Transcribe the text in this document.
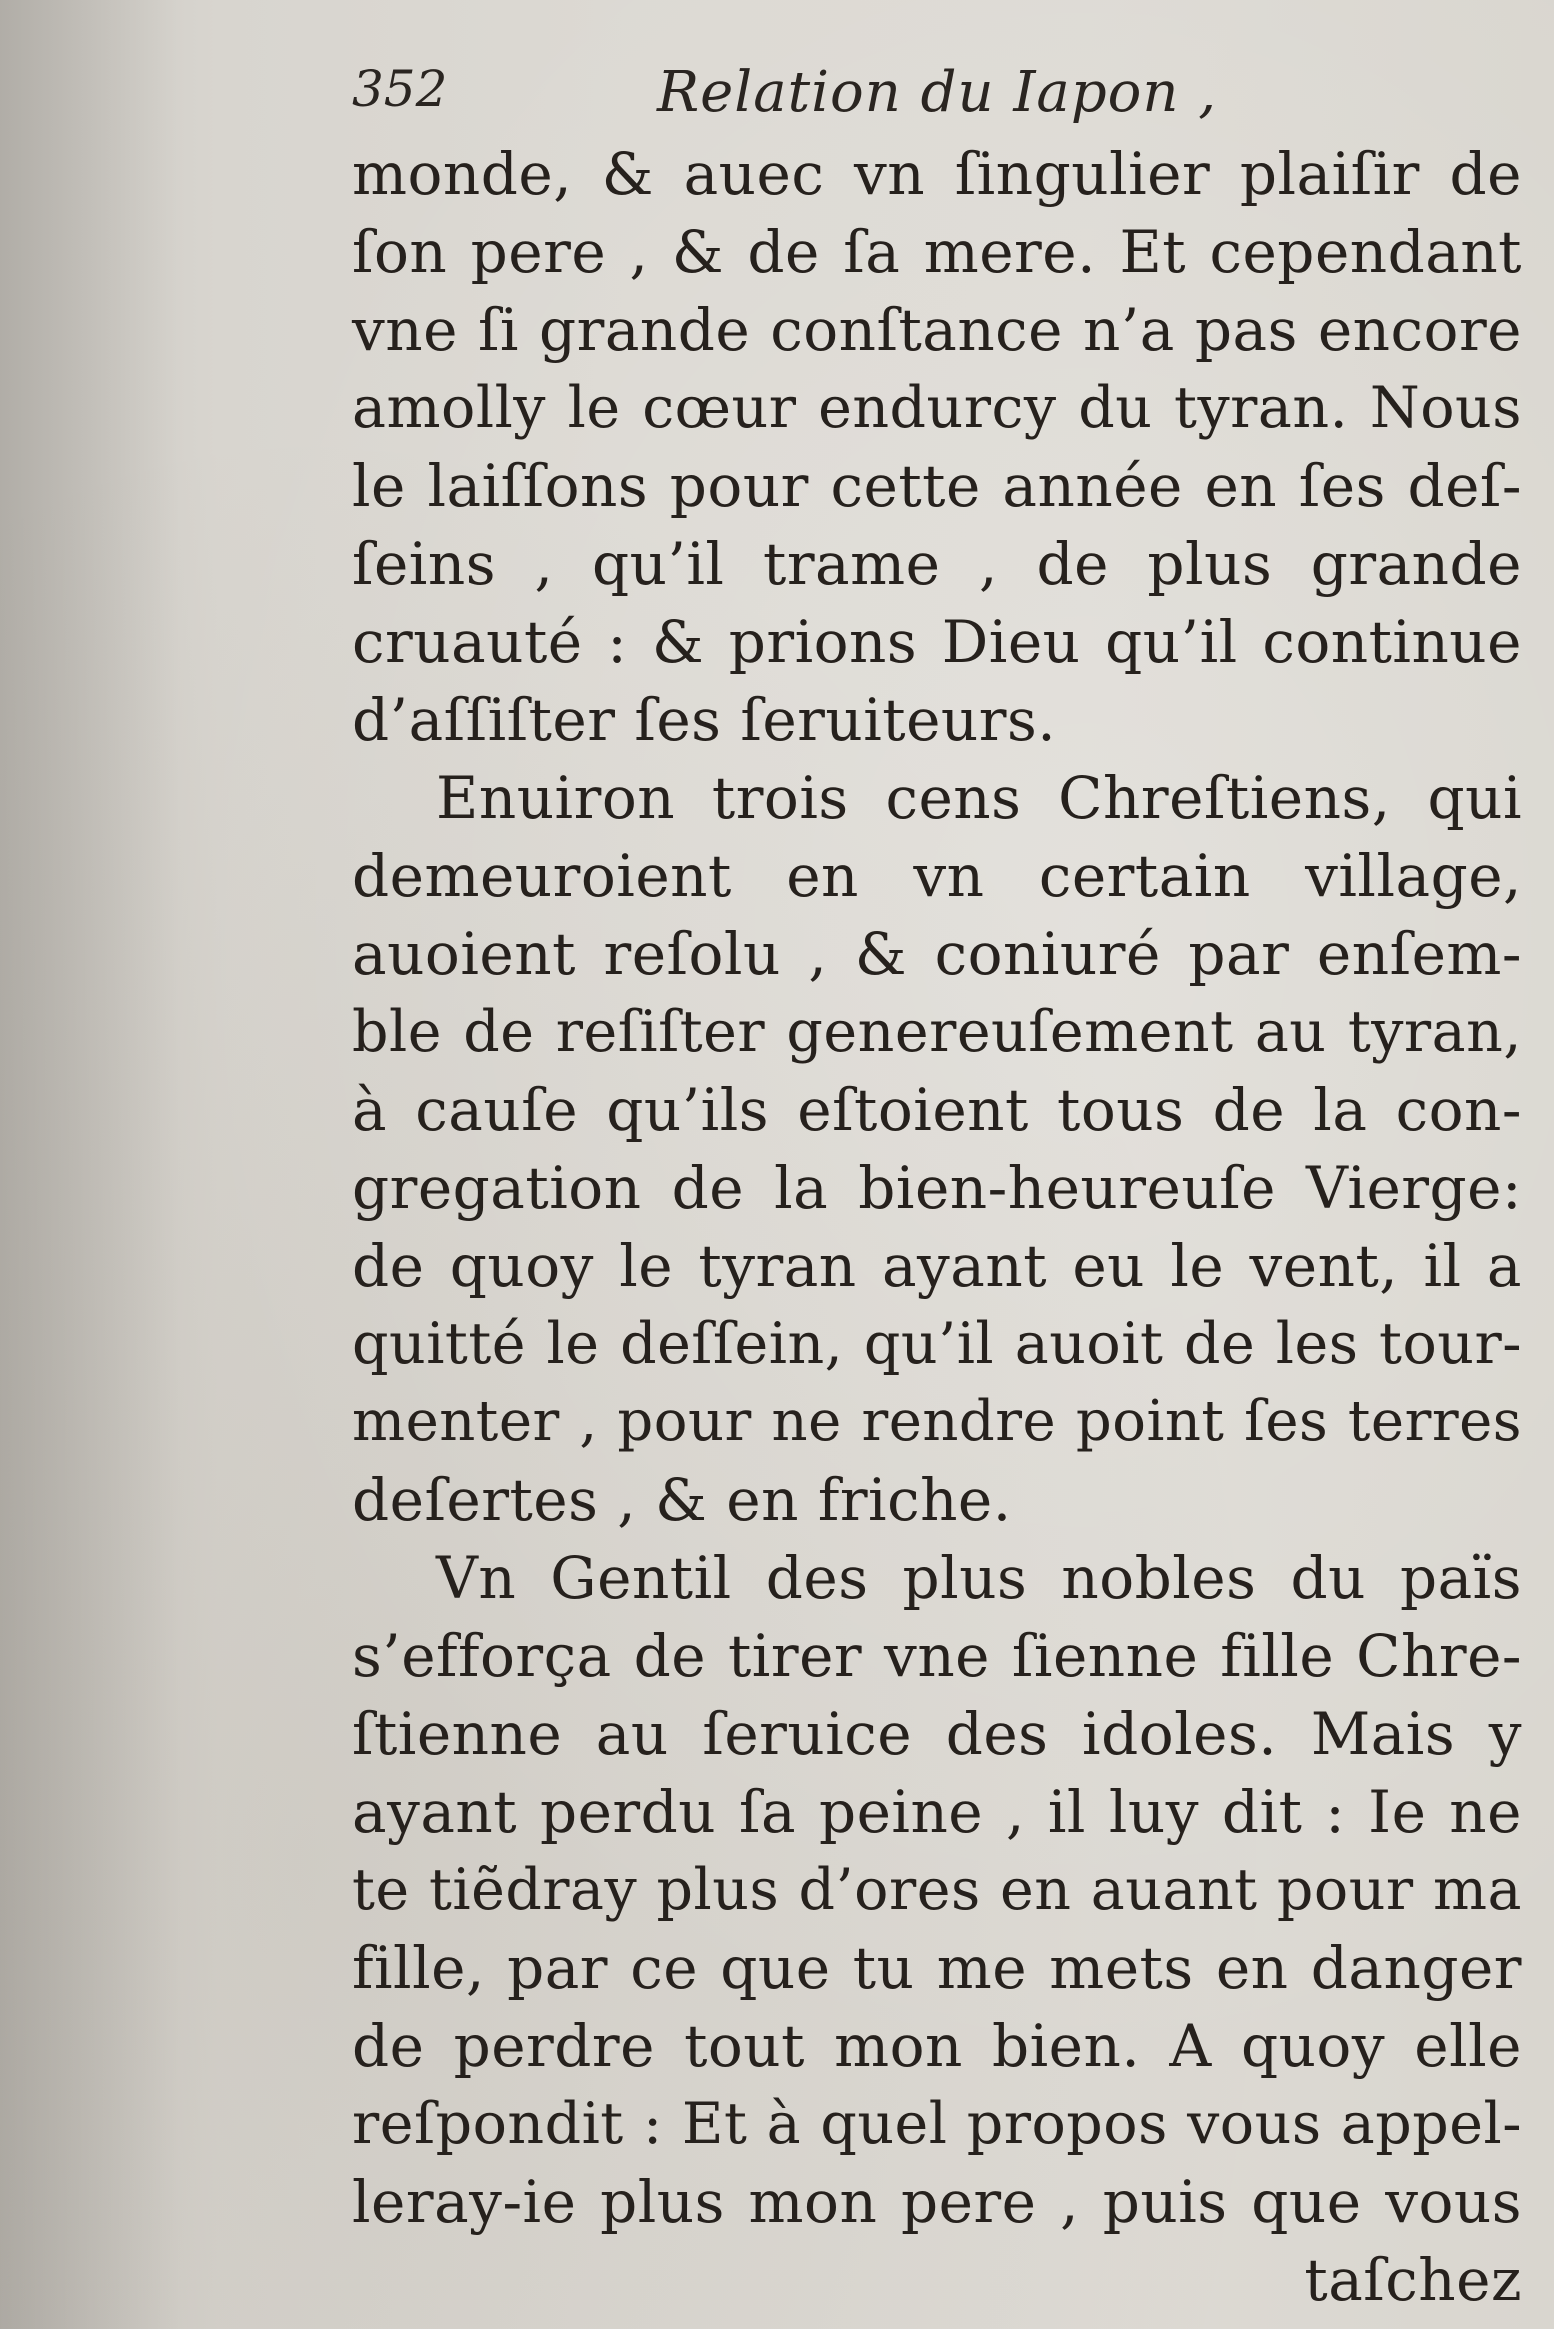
352	Relation du Iapon ,
monde, & auec vn ſingulier plaiſir de
ſon pere , & de ſa mere. Et cependant
vne ſi grande conſtance n’a pas encore
amolly le cœur endurcy du tyran. Nous
le laiſſons pour cette année en ſes deſ-
ſeins , qu’il trame , de plus grande
cruauté : & prions Dieu qu’il continue
d’aſſiſter ſes ſeruiteurs.
Enuiron trois cens Chreſtiens, qui
demeuroient en vn certain village,
auoient reſolu , & coniuré par enſem-
ble de reſiſter genereuſement au tyran,
à cauſe qu’ils eſtoient tous de la con-
gregation de la bien-heureuſe Vierge:
de quoy le tyran ayant eu le vent, il a
quitté le deſſein, qu’il auoit de les tour-
menter , pour ne rendre point ſes terres
deſertes , & en friche.
Vn Gentil des plus nobles du païs
s’efforça de tirer vne ſienne fille Chre-
ſtienne au ſeruice des idoles. Mais y
ayant perdu ſa peine , il luy dit : Ie ne
te tiẽdray plus d’ores en auant pour ma
fille, par ce que tu me mets en danger
de perdre tout mon bien. A quoy elle
reſpondit : Et à quel propos vous appel-
leray-ie plus mon pere , puis que vous
taſchez
